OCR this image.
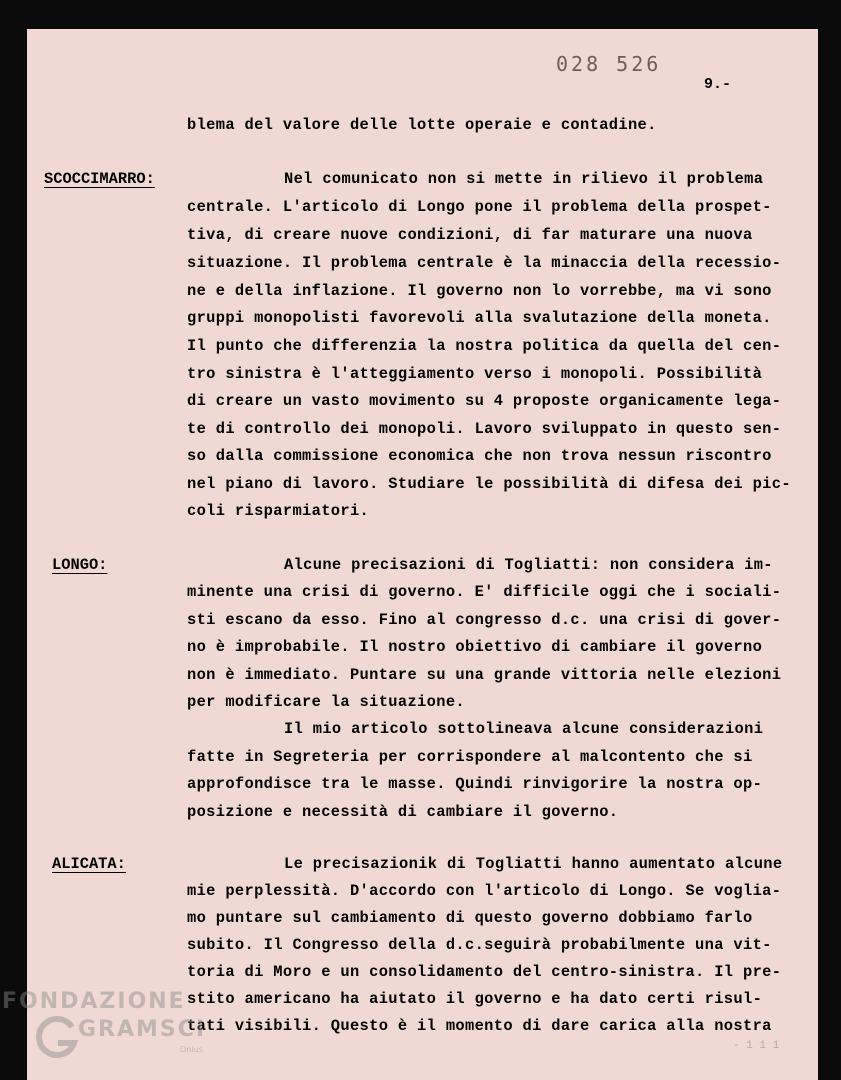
028 526
9.-
blema del valore delle lotte operaie e contadine.
SCOCCIMARRO:	Nel comunicato non si mette in rilievo il problema
centrale. L'articolo di Longo pone il problema della prospet-
tiva, di creare nuove condizioni, di far maturare una nuova
situazione. Il problema centrale è la minaccia della recessio-
ne e della inflazione. Il governo non lo vorrebbe, ma vi sono
gruppi monopolisti favorevoli alla svalutazione della moneta.
Il punto che differenzia la nostra politica da quella del cen-
tro sinistra è l'atteggiamento verso i monopoli. Possibilità
di creare un vasto movimento su 4 proposte organicamente lega-
te di controllo dei monopoli. Lavoro sviluppato in questo sen-
so dalla commissione economica che non trova nessun riscontro
nel piano di lavoro. Studiare le possibilità di difesa dei pic-
coli risparmiatori.
LONGO:	Alcune precisazioni di Togliatti: non considera im-
minente una crisi di governo. E' difficile oggi che i sociali-
sti escano da esso. Fino al congresso d.c. una crisi di gover-
no è improbabile. Il nostro obiettivo di cambiare il governo
non è immediato. Puntare su una grande vittoria nelle elezioni
per modificare la situazione.
Il mio articolo sottolineava alcune considerazioni
fatte in Segreteria per corrispondere al malcontento che si
approfondisce tra le masse. Quindi rinvigorire la nostra op-
posizione e necessità di cambiare il governo.
ALICATA:	Le precisazionik di Togliatti hanno aumentato alcune
mie perplessità. D'accordo con l'articolo di Longo. Se voglia-
mo puntare sul cambiamento di questo governo dobbiamo farlo
subito. Il Congresso della d.c.seguirà probabilmente una vit-
toria di Moro e un consolidamento del centro-sinistra. Il pre-
stito americano ha aiutato il governo e ha dato certi risul-
tati visibili. Questo è il momento di dare carica alla nostra
- 1 1 1
FONDAZIONE
GRAMSCI
Onlus
